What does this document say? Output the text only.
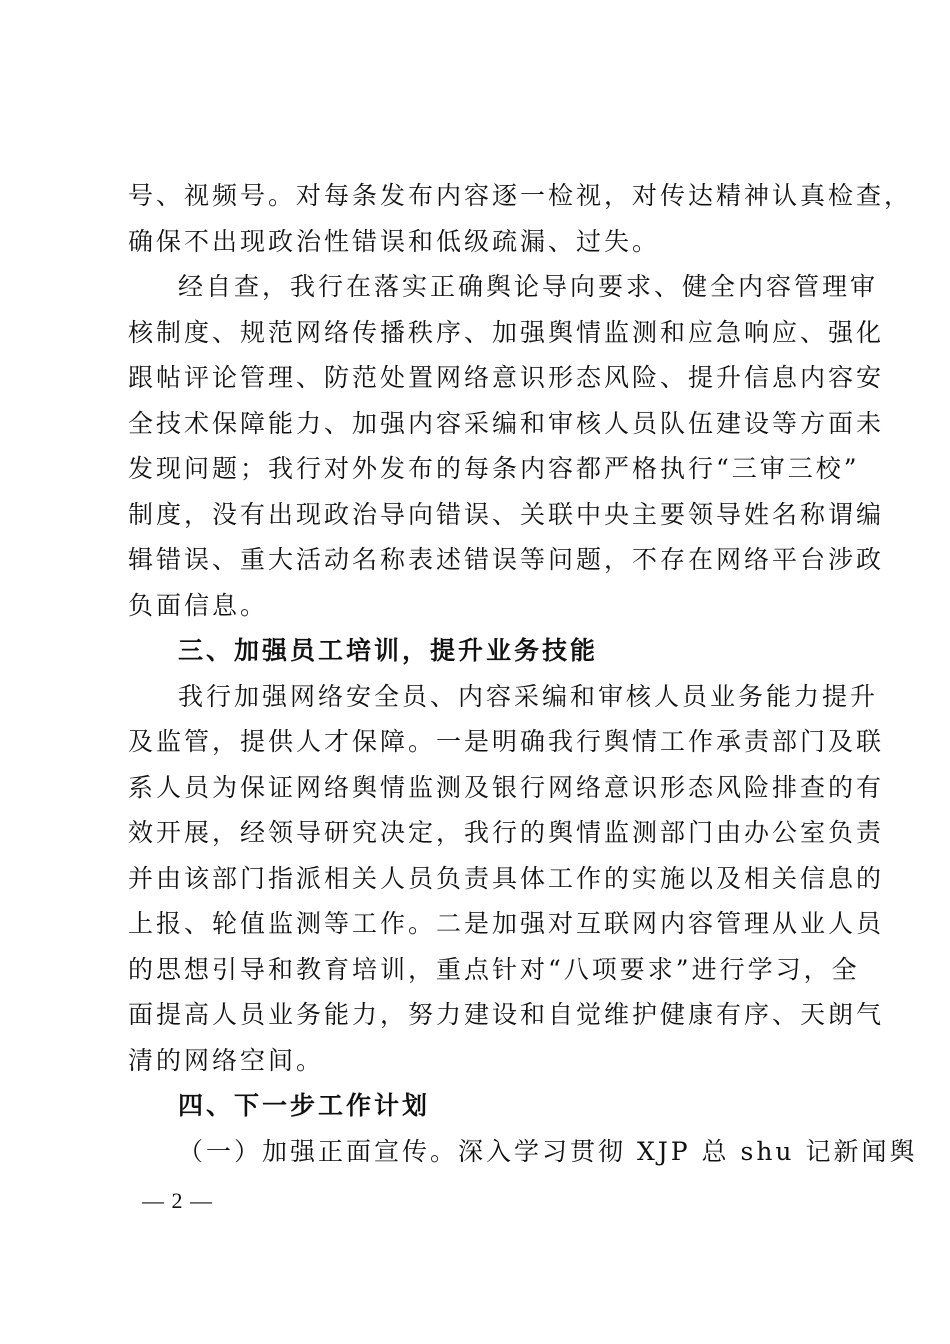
号、视频号。对每条发布内容逐一检视，对传达精神认真检查，
确保不出现政治性错误和低级疏漏、过失。
经自查，我行在落实正确舆论导向要求、健全内容管理审
核制度、规范网络传播秩序、加强舆情监测和应急响应、强化
跟帖评论管理、防范处置网络意识形态风险、提升信息内容安
全技术保障能力、加强内容采编和审核人员队伍建设等方面未
发现问题；我行对外发布的每条内容都严格执行“三审三校”
制度，没有出现政治导向错误、关联中央主要领导姓名称谓编
辑错误、重大活动名称表述错误等问题，不存在网络平台涉政
负面信息。
三、加强员工培训，提升业务技能
我行加强网络安全员、内容采编和审核人员业务能力提升
及监管，提供人才保障。一是明确我行舆情工作承责部门及联
系人员为保证网络舆情监测及银行网络意识形态风险排查的有
效开展，经领导研究决定，我行的舆情监测部门由办公室负责
并由该部门指派相关人员负责具体工作的实施以及相关信息的
上报、轮值监测等工作。二是加强对互联网内容管理从业人员
的思想引导和教育培训，重点针对“八项要求”进行学习，全
面提高人员业务能力，努力建设和自觉维护健康有序、天朗气
清的网络空间。
四、下一步工作计划
（一）加强正面宣传。深入学习贯彻 XJP 总 shu 记新闻舆
— 2 —
